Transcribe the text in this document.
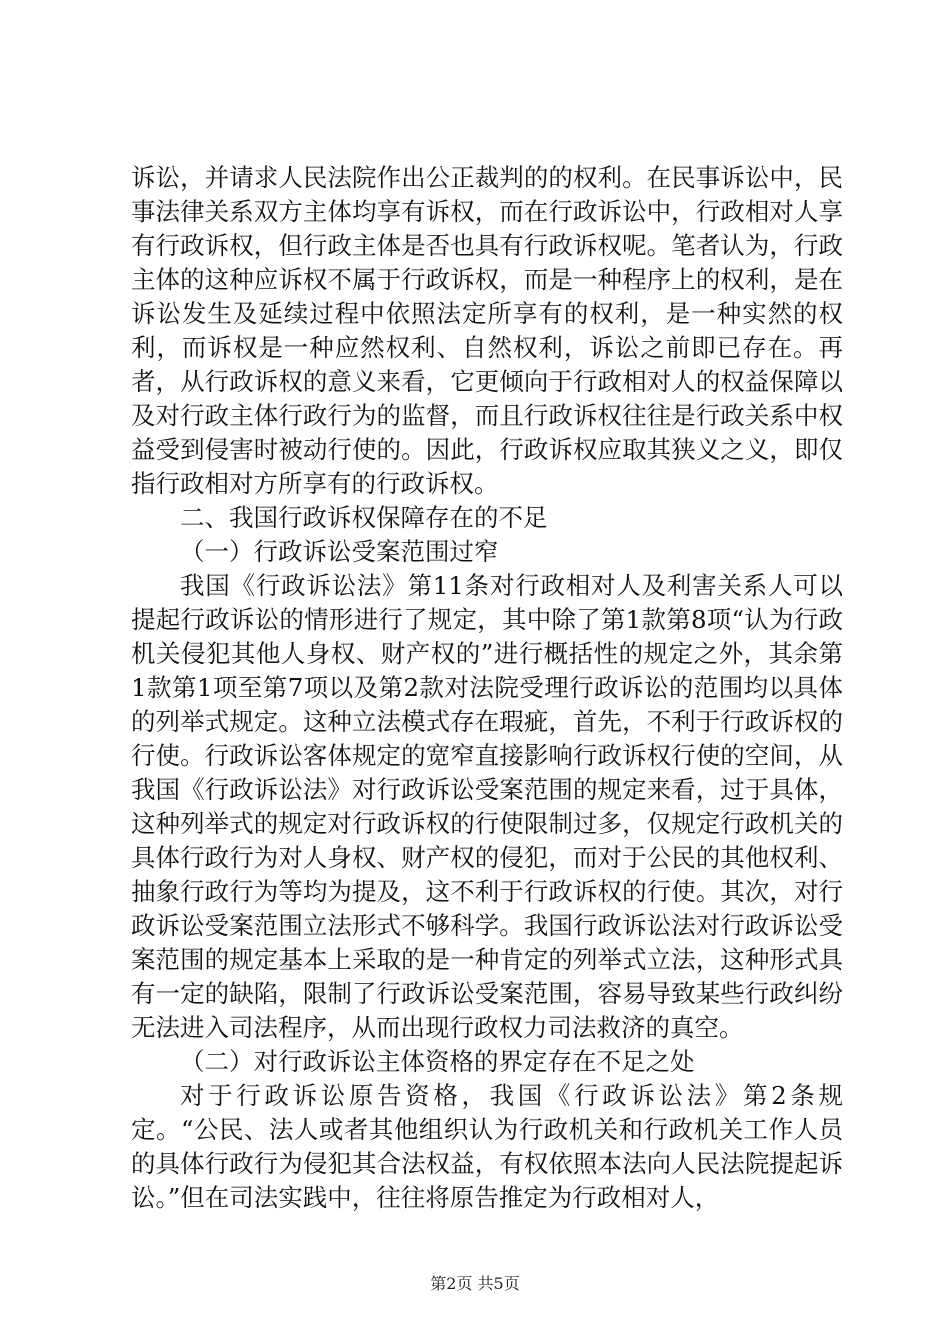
诉讼，并请求人民法院作出公正裁判的的权利。在民事诉讼中，民事法律关系双方主体均享有诉权，而在行政诉讼中，行政相对人享有行政诉权，但行政主体是否也具有行政诉权呢。笔者认为，行政主体的这种应诉权不属于行政诉权，而是一种程序上的权利，是在诉讼发生及延续过程中依照法定所享有的权利，是一种实然的权利，而诉权是一种应然权利、自然权利，诉讼之前即已存在。再者，从行政诉权的意义来看，它更倾向于行政相对人的权益保障以及对行政主体行政行为的监督，而且行政诉权往往是行政关系中权益受到侵害时被动行使的。因此，行政诉权应取其狭义之义，即仅指行政相对方所享有的行政诉权。

二、我国行政诉权保障存在的不足

（一）行政诉讼受案范围过窄

我国《行政诉讼法》第11条对行政相对人及利害关系人可以提起行政诉讼的情形进行了规定，其中除了第1款第8项“认为行政机关侵犯其他人身权、财产权的”进行概括性的规定之外，其余第1款第1项至第7项以及第2款对法院受理行政诉讼的范围均以具体的列举式规定。这种立法模式存在瑕疵，首先，不利于行政诉权的行使。行政诉讼客体规定的宽窄直接影响行政诉权行使的空间，从我国《行政诉讼法》对行政诉讼受案范围的规定来看，过于具体，这种列举式的规定对行政诉权的行使限制过多，仅规定行政机关的具体行政行为对人身权、财产权的侵犯，而对于公民的其他权利、抽象行政行为等均为提及，这不利于行政诉权的行使。其次，对行政诉讼受案范围立法形式不够科学。我国行政诉讼法对行政诉讼受案范围的规定基本上采取的是一种肯定的列举式立法，这种形式具有一定的缺陷，限制了行政诉讼受案范围，容易导致某些行政纠纷无法进入司法程序，从而出现行政权力司法救济的真空。

（二）对行政诉讼主体资格的界定存在不足之处

对于行政诉讼原告资格，我国《行政诉讼法》第2条规定。“公民、法人或者其他组织认为行政机关和行政机关工作人员的具体行政行为侵犯其合法权益，有权依照本法向人民法院提起诉讼。”但在司法实践中，往往将原告推定为行政相对人，

第2页 共5页
